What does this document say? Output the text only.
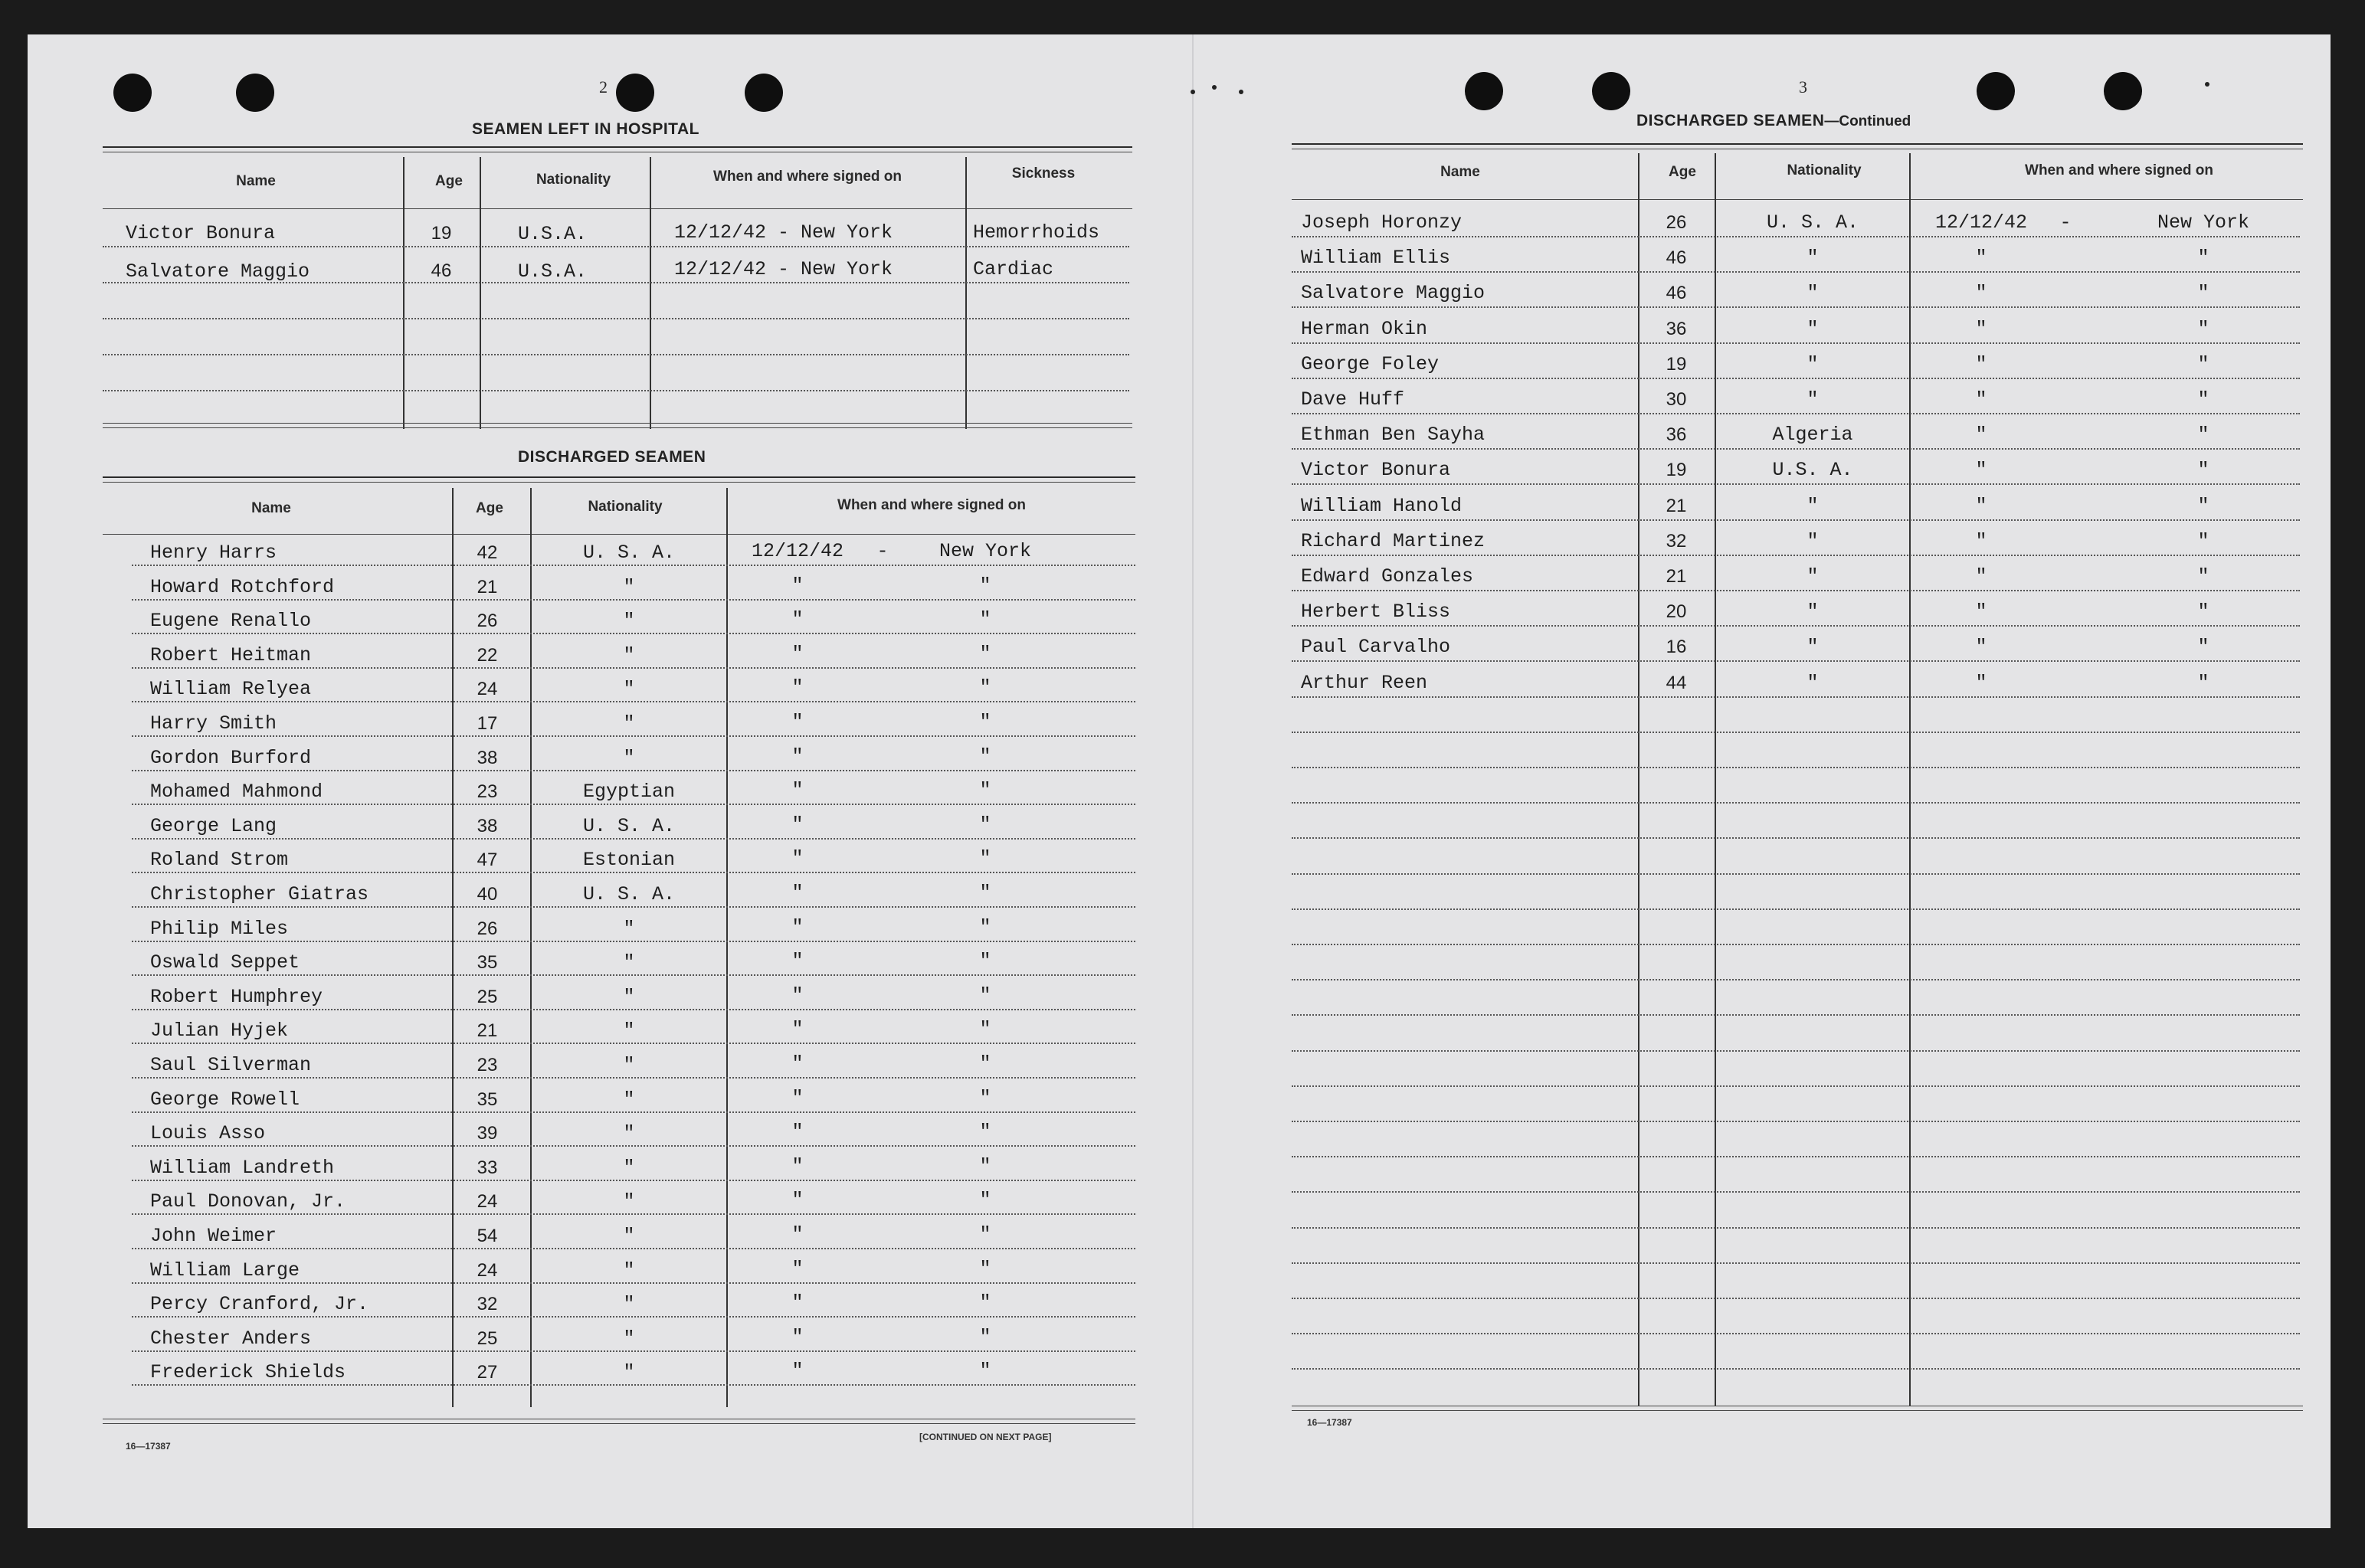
2
SEAMEN LEFT IN HOSPITAL
Name	Age	Nationality	When and where signed on	Sickness
Victor Bonura	19	U.S.A.	12/12/42 - New York	Hemorrhoids
Salvatore Maggio	46	U.S.A.	12/12/42 - New York	Cardiac
DISCHARGED SEAMEN
Name	Age	Nationality	When and where signed on
Henry Harrs	42	U. S. A.	12/12/42	-	New York
Howard Rotchford	21	"	"	"
Eugene Renallo	26	"	"	"
Robert Heitman	22	"	"	"
William Relyea	24	"	"	"
Harry Smith	17	"	"	"
Gordon Burford	38	"	"	"
Mohamed Mahmond	23	Egyptian	"	"
George Lang	38	U. S. A.	"	"
Roland Strom	47	Estonian	"	"
Christopher Giatras	40	U. S. A.	"	"
Philip Miles	26	"	"	"
Oswald Seppet	35	"	"	"
Robert Humphrey	25	"	"	"
Julian Hyjek	21	"	"	"
Saul Silverman	23	"	"	"
George Rowell	35	"	"	"
Louis Asso	39	"	"	"
William Landreth	33	"	"	"
Paul Donovan, Jr.	24	"	"	"
John Weimer	54	"	"	"
William Large	24	"	"	"
Percy Cranford, Jr.	32	"	"	"
Chester Anders	25	"	"	"
Frederick Shields	27	"	"	"
16—17387
[CONTINUED ON NEXT PAGE]
3
DISCHARGED SEAMEN—Continued
Name	Age	Nationality	When and where signed on
Joseph Horonzy	26	U. S. A.	12/12/42	-	New York
William Ellis	46	"	"	"
Salvatore Maggio	46	"	"	"
Herman Okin	36	"	"	"
George Foley	19	"	"	"
Dave Huff	30	"	"	"
Ethman Ben Sayha	36	Algeria	"	"
Victor Bonura	19	U.S. A.	"	"
William Hanold	21	"	"	"
Richard Martinez	32	"	"	"
Edward Gonzales	21	"	"	"
Herbert Bliss	20	"	"	"
Paul Carvalho	16	"	"	"
Arthur Reen	44	"	"	"
16—17387
